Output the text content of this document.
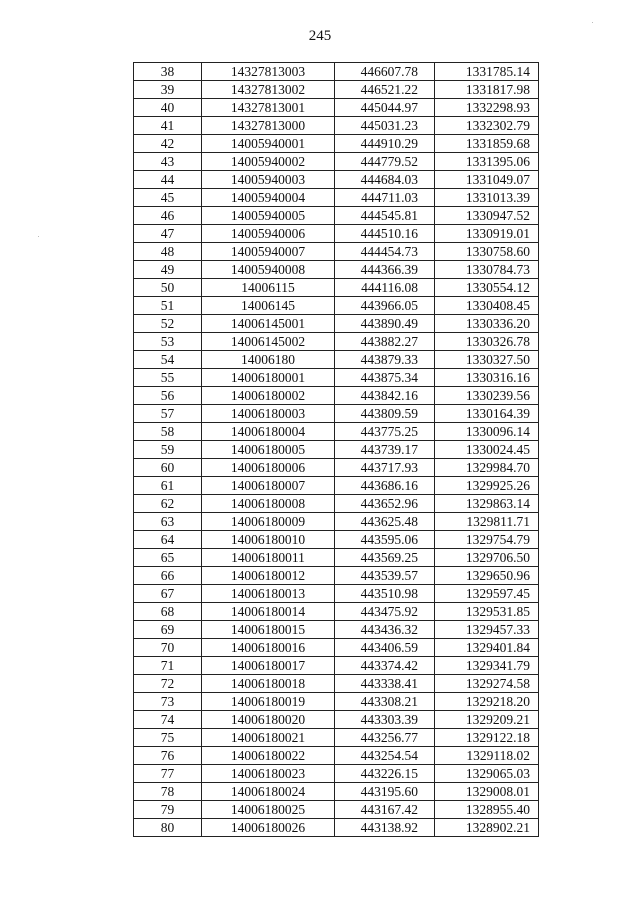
245
38	14327813003	446607.78	1331785.14
39	14327813002	446521.22	1331817.98
40	14327813001	445044.97	1332298.93
41	14327813000	445031.23	1332302.79
42	14005940001	444910.29	1331859.68
43	14005940002	444779.52	1331395.06
44	14005940003	444684.03	1331049.07
45	14005940004	444711.03	1331013.39
46	14005940005	444545.81	1330947.52
47	14005940006	444510.16	1330919.01
48	14005940007	444454.73	1330758.60
49	14005940008	444366.39	1330784.73
50	14006115	444116.08	1330554.12
51	14006145	443966.05	1330408.45
52	14006145001	443890.49	1330336.20
53	14006145002	443882.27	1330326.78
54	14006180	443879.33	1330327.50
55	14006180001	443875.34	1330316.16
56	14006180002	443842.16	1330239.56
57	14006180003	443809.59	1330164.39
58	14006180004	443775.25	1330096.14
59	14006180005	443739.17	1330024.45
60	14006180006	443717.93	1329984.70
61	14006180007	443686.16	1329925.26
62	14006180008	443652.96	1329863.14
63	14006180009	443625.48	1329811.71
64	14006180010	443595.06	1329754.79
65	14006180011	443569.25	1329706.50
66	14006180012	443539.57	1329650.96
67	14006180013	443510.98	1329597.45
68	14006180014	443475.92	1329531.85
69	14006180015	443436.32	1329457.33
70	14006180016	443406.59	1329401.84
71	14006180017	443374.42	1329341.79
72	14006180018	443338.41	1329274.58
73	14006180019	443308.21	1329218.20
74	14006180020	443303.39	1329209.21
75	14006180021	443256.77	1329122.18
76	14006180022	443254.54	1329118.02
77	14006180023	443226.15	1329065.03
78	14006180024	443195.60	1329008.01
79	14006180025	443167.42	1328955.40
80	14006180026	443138.92	1328902.21
